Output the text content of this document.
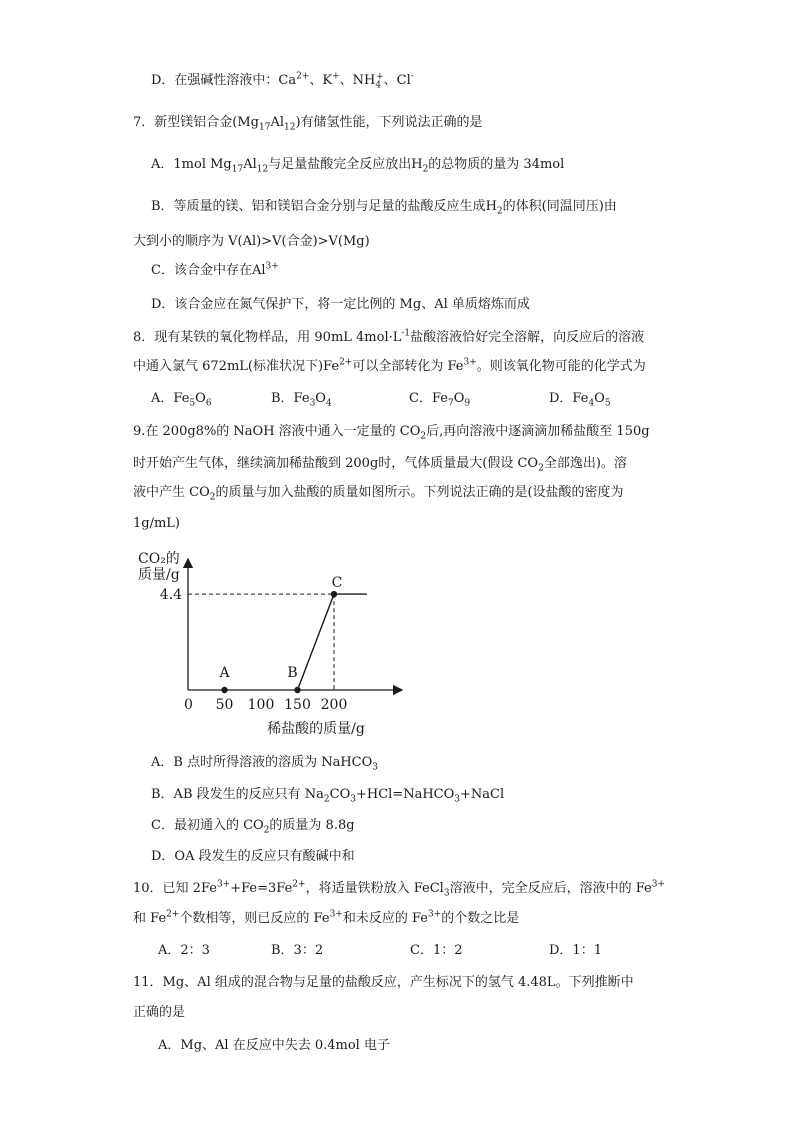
D．在强碱性溶液中：$Ca^{2+}$、K+、$NH_4^+$、Cl-
7．新型镁铝合金$(Mg_{17}Al_{12})$有储氢性能，下列说法正确的是
A．1mol $Mg_{17}Al_{12}$与足量盐酸完全反应放出$H_2$的总物质的量为 34mol
B．等质量的镁、铝和镁铝合金分别与足量的盐酸反应生成$H_2$的体积(同温同压)由
大到小的顺序为 V(Al)>V(合金)>V(Mg)
C．该合金中存在$Al^{3+}$
D．该合金应在氮气保护下，将一定比例的 Mg、Al 单质熔炼而成
8．现有某铁的氧化物样品，用 90mL $4mol\cdot L^{-1}$盐酸溶液恰好完全溶解，向反应后的溶液
中通入氯气 672mL(标准状况下)$Fe^{2+}$可以全部转化为 $Fe^{3+}$。则该氧化物可能的化学式为
A．$Fe_5O_6$	B．$Fe_3O_4$	C．$Fe_7O_9$	D．$Fe_4O_5$
9.在 200g8%的 NaOH 溶液中通入一定量的 $CO_2$后,再向溶液中逐滴滴加稀盐酸至 150g
时开始产生气体，继续滴加稀盐酸到 200g时，气体质量最大(假设 $CO_2$全部逸出)。溶
液中产生 $CO_2$的质量与加入盐酸的质量如图所示。下列说法正确的是(设盐酸的密度为
1g/mL)
CO₂的
质量/g
0 50 100 150 200
4.4
A	B
C
稀盐酸的质量/g
A．B 点时所得溶液的溶质为 NaHCO$_3$
B．AB 段发生的反应只有 $Na_2CO_3+HCl=NaHCO_3+NaCl$
C．最初通入的 $CO_2$的质量为 8.8g
D．OA 段发生的反应只有酸碱中和
10．已知 $2Fe^{3+}+Fe=3Fe^{2+}$，将适量铁粉放入 FeCl$_3$溶液中，完全反应后，溶液中的 $Fe^{3+}$
和 $Fe^{2+}$个数相等，则已反应的 $Fe^{3+}$和未反应的 $Fe^{3+}$的个数之比是
A．2：3	B．3：2	C．1：2	D．1：1
11．Mg、Al 组成的混合物与足量的盐酸反应，产生标况下的氢气 4.48L。下列推断中
正确的是
A．Mg、Al 在反应中失去 0.4mol 电子
